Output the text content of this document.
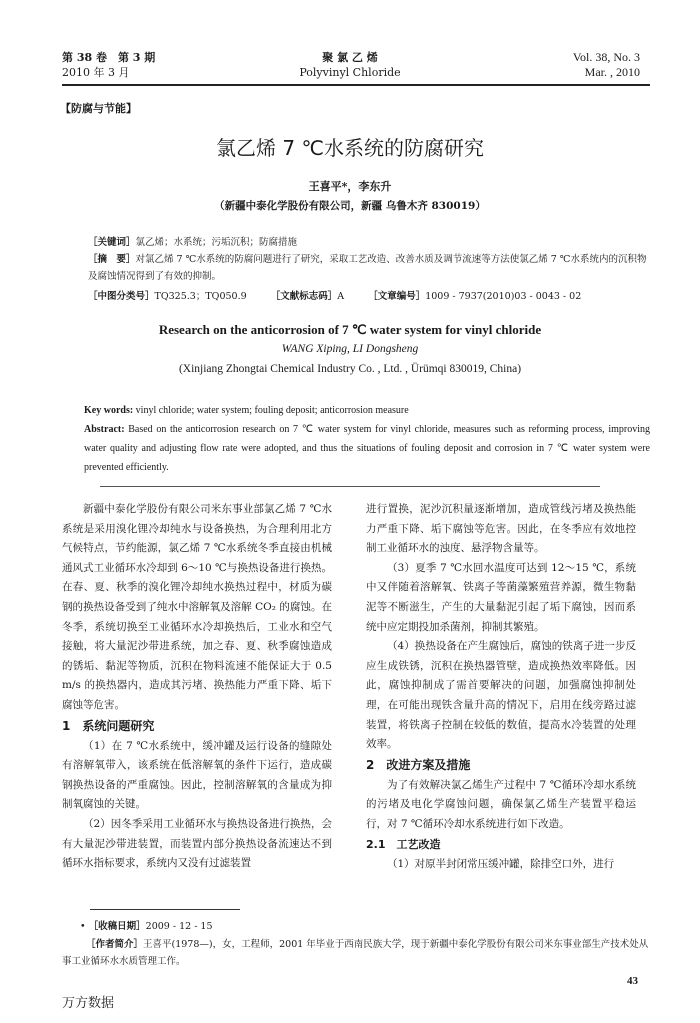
第 38 卷　第 3 期
2010 年 3 月
聚 氯 乙 烯
Polyvinyl Chloride
Vol. 38, No. 3
Mar. , 2010
【防腐与节能】
氯乙烯 7 ℃水系统的防腐研究
王喜平*，李东升
（新疆中泰化学股份有限公司，新疆 乌鲁木齐 830019）
［关键词］氯乙烯；水系统；污垢沉积；防腐措施
［摘　要］对氯乙烯 7 ℃水系统的防腐问题进行了研究，采取工艺改造、改善水质及调节流速等方法使氯乙烯 7 ℃水系统内的沉积物及腐蚀情况得到了有效的抑制。
［中图分类号］TQ325.3；TQ050.9	［文献标志码］A	［文章编号］1009 - 7937(2010)03 - 0043 - 02
Research on the anticorrosion of 7 ℃ water system for vinyl chloride
WANG Xiping, LI Dongsheng
(Xinjiang Zhongtai Chemical Industry Co. , Ltd. , Ürümqi 830019, China)
Key words: vinyl chloride; water system; fouling deposit; anticorrosion measure
Abstract: Based on the anticorrosion research on 7 ℃ water system for vinyl chloride, measures such as reforming process, improving water quality and adjusting flow rate were adopted, and thus the situations of fouling deposit and corrosion in 7 ℃ water system were prevented efficiently.

新疆中泰化学股份有限公司米东事业部氯乙烯 7 ℃水系统是采用溴化锂冷却纯水与设备换热，为合理利用北方气候特点，节约能源，氯乙烯 7 ℃水系统冬季直接由机械通风式工业循环水冷却到 6～10 ℃与换热设备进行换热。在春、夏、秋季的溴化锂冷却纯水换热过程中，材质为碳钢的换热设备受到了纯水中溶解氧及溶解 CO₂ 的腐蚀。在冬季，系统切换至工业循环水冷却换热后，工业水和空气接触，将大量泥沙带进系统，加之春、夏、秋季腐蚀造成的锈垢、黏泥等物质，沉积在物料流速不能保证大于 0.5 m/s 的换热器内，造成其污堵、换热能力严重下降、垢下腐蚀等危害。

1　系统问题研究

（1）在 7 ℃水系统中，缓冲罐及运行设备的缝隙处有溶解氧带入，该系统在低溶解氧的条件下运行，造成碳钢换热设备的严重腐蚀。因此，控制溶解氧的含量成为抑制氧腐蚀的关键。

（2）因冬季采用工业循环水与换热设备进行换热，会有大量泥沙带进装置，而装置内部分换热设备流速达不到循环水指标要求，系统内又没有过滤装置

进行置换，泥沙沉积量逐渐增加，造成管线污堵及换热能力严重下降、垢下腐蚀等危害。因此，在冬季应有效地控制工业循环水的浊度、悬浮物含量等。

（3）夏季 7 ℃水回水温度可达到 12～15 ℃，系统中又伴随着溶解氧、铁离子等菌藻繁殖营养源，微生物黏泥等不断滋生，产生的大量黏泥引起了垢下腐蚀，因而系统中应定期投加杀菌剂，抑制其繁殖。

（4）换热设备在产生腐蚀后，腐蚀的铁离子进一步反应生成铁锈，沉积在换热器管壁，造成换热效率降低。因此，腐蚀抑制成了需首要解决的问题，加强腐蚀抑制处理，在可能出现铁含量升高的情况下，启用在线旁路过滤装置，将铁离子控制在较低的数值，提高水冷装置的处理效率。

2　改进方案及措施

为了有效解决氯乙烯生产过程中 7 ℃循环冷却水系统的污堵及电化学腐蚀问题，确保氯乙烯生产装置平稳运行，对 7 ℃循环冷却水系统进行如下改造。

2.1　工艺改造

（1）对原半封闭常压缓冲罐，除排空口外，进行

• ［收稿日期］2009 - 12 - 15
［作者简介］王喜平(1978—)，女，工程师，2001 年毕业于西南民族大学，现于新疆中泰化学股份有限公司米东事业部生产技术处从事工业循环水水质管理工作。
43
万方数据
